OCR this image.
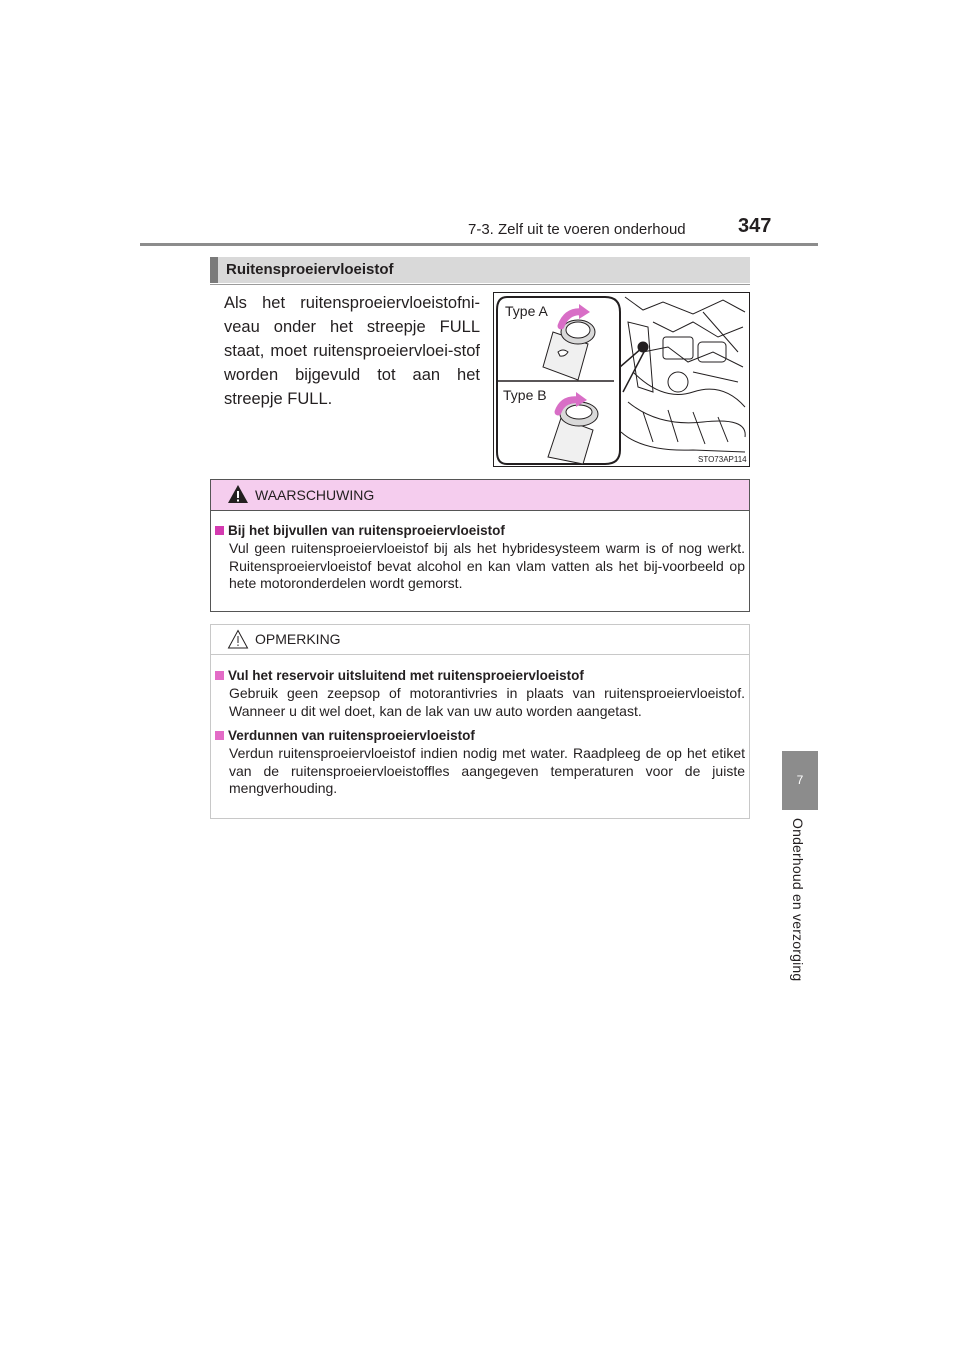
7-3. Zelf uit te voeren onderhoud	347
7
Onderhoud en verzorging
Ruitensproeiervloeistof
Als het ruitensproeiervloeistofni-veau onder het streepje FULL staat, moet ruitensproeiervloei-stof worden bijgevuld tot aan het streepje FULL.
Type A
Type B
STO73AP114
WAARSCHUWING
Bij het bijvullen van ruitensproeiervloeistof
Vul geen ruitensproeiervloeistof bij als het hybridesysteem warm is of nog werkt. Ruitensproeiervloeistof bevat alcohol en kan vlam vatten als het bij-voorbeeld op hete motoronderdelen wordt gemorst.
OPMERKING
Vul het reservoir uitsluitend met ruitensproeiervloeistof
Gebruik geen zeepsop of motorantivries in plaats van ruitensproeiervloeistof. Wanneer u dit wel doet, kan de lak van uw auto worden aangetast.
Verdunnen van ruitensproeiervloeistof
Verdun ruitensproeiervloeistof indien nodig met water. Raadpleeg de op het etiket van de ruitensproeiervloeistoffles aangegeven temperaturen voor de juiste mengverhouding.
